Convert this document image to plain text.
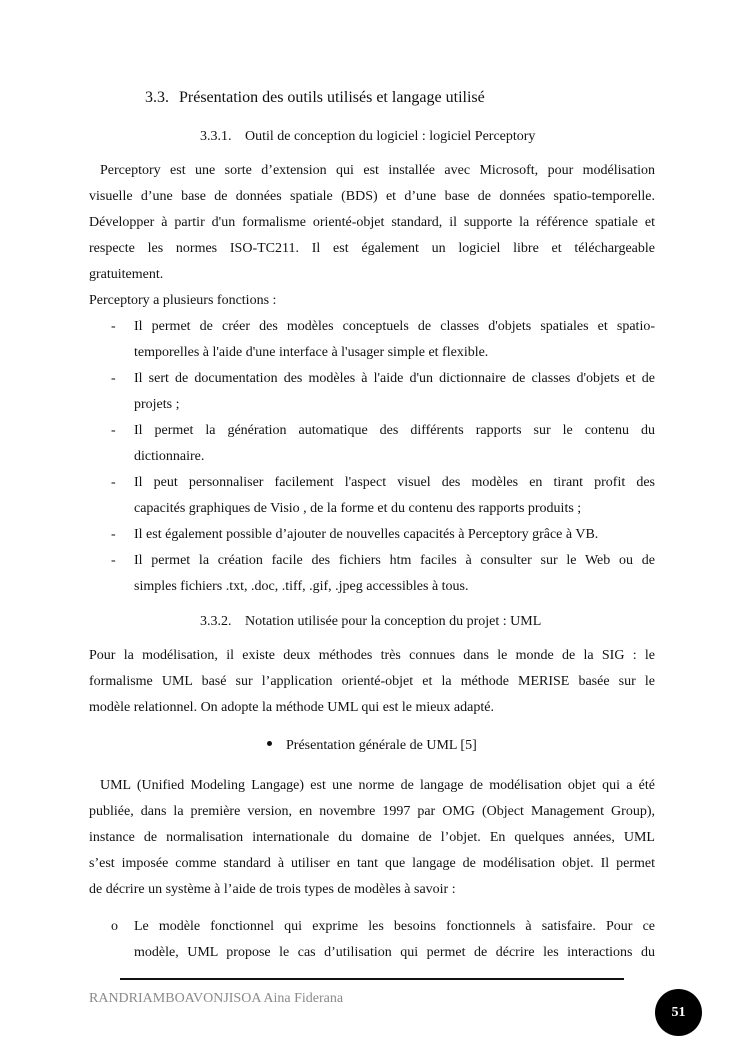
3.3. Présentation des outils utilisés et langage utilisé
3.3.1. Outil de conception du logiciel : logiciel Perceptory
Perceptory est une sorte d’extension qui est installée avec Microsoft, pour modélisation
visuelle d’une base de données spatiale (BDS) et d’une base de données spatio-temporelle.
Développer à partir d'un formalisme orienté-objet standard, il supporte la référence spatiale et
respecte les normes ISO-TC211. Il est également un logiciel libre et téléchargeable
gratuitement.
Perceptory a plusieurs fonctions :
- Il permet de créer des modèles conceptuels de classes d'objets spatiales et spatio-
temporelles à l'aide d'une interface à l'usager simple et flexible.
- Il sert de documentation des modèles à l'aide d'un dictionnaire de classes d'objets et de
projets ;
- Il permet la génération automatique des différents rapports sur le contenu du
dictionnaire.
- Il peut personnaliser facilement l'aspect visuel des modèles en tirant profit des
capacités graphiques de Visio , de la forme et du contenu des rapports produits ;
- Il est également possible d’ajouter de nouvelles capacités à Perceptory grâce à VB.
- Il permet la création facile des fichiers htm faciles à consulter sur le Web ou de
simples fichiers .txt, .doc, .tiff, .gif, .jpeg accessibles à tous.
3.3.2. Notation utilisée pour la conception du projet : UML
Pour la modélisation, il existe deux méthodes très connues dans le monde de la SIG : le
formalisme UML basé sur l’application orienté-objet et la méthode MERISE basée sur le
modèle relationnel. On adopte la méthode UML qui est le mieux adapté.
Présentation générale de UML [5]
UML (Unified Modeling Langage) est une norme de langage de modélisation objet qui a été
publiée, dans la première version, en novembre 1997 par OMG (Object Management Group),
instance de normalisation internationale du domaine de l’objet. En quelques années, UML
s’est imposée comme standard à utiliser en tant que langage de modélisation objet. Il permet
de décrire un système à l’aide de trois types de modèles à savoir :
o Le modèle fonctionnel qui exprime les besoins fonctionnels à satisfaire. Pour ce
modèle, UML propose le cas d’utilisation qui permet de décrire les interactions du
RANDRIAMBOAVONJISOA Aina Fiderana
51
